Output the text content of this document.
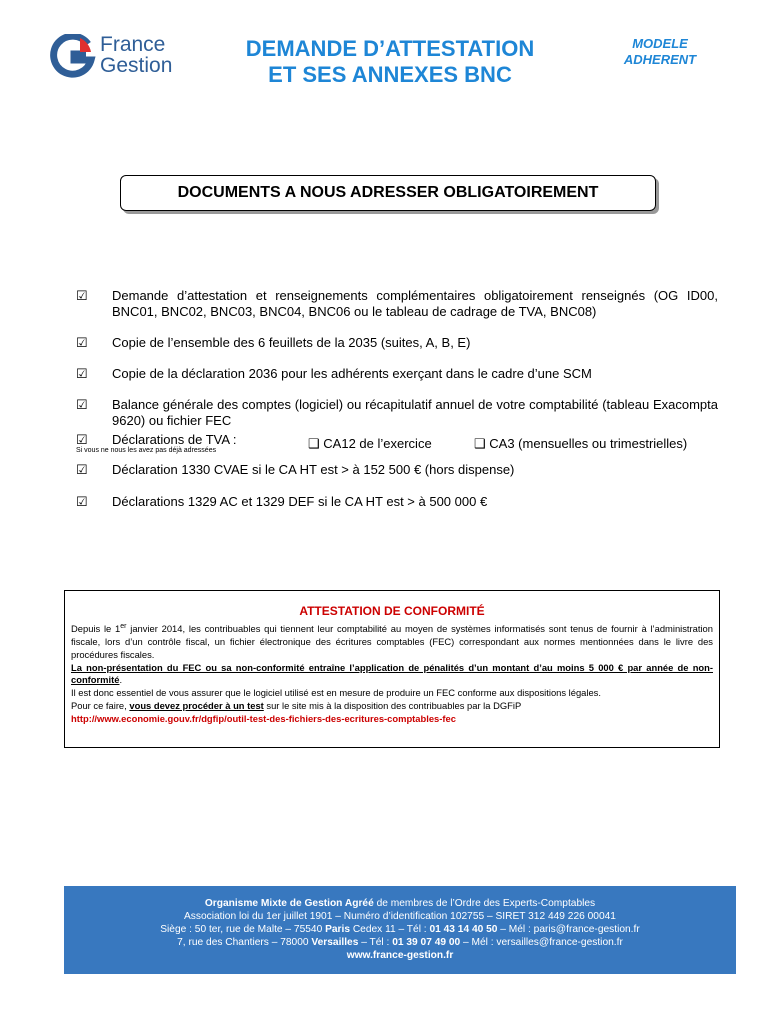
France
Gestion
DEMANDE D’ATTESTATION
ET SES ANNEXES BNC
MODELE
ADHERENT
DOCUMENTS A NOUS ADRESSER OBLIGATOIREMENT
☑ Demande d’attestation et renseignements complémentaires obligatoirement renseignés (OG ID00, BNC01, BNC02, BNC03, BNC04, BNC06 ou le tableau de cadrage de TVA, BNC08)
☑ Copie de l’ensemble des 6 feuillets de la 2035 (suites, A, B, E)
☑ Copie de la déclaration 2036 pour les adhérents exerçant dans le cadre d’une SCM
☑ Balance générale des comptes (logiciel) ou récapitulatif annuel de votre comptabilité (tableau Exacompta 9620) ou fichier FEC
☑ Déclarations de TVA :
Si vous ne nous les avez pas déjà adressées	❑ CA12 de l’exercice	❑ CA3 (mensuelles ou trimestrielles)
☑ Déclaration 1330 CVAE si le CA HT est > à 152 500 € (hors dispense)
☑ Déclarations 1329 AC et 1329 DEF si le CA HT est > à 500 000 €
ATTESTATION DE CONFORMITÉ

Depuis le 1er janvier 2014, les contribuables qui tiennent leur comptabilité au moyen de systèmes informatisés sont tenus de fournir à l’administration fiscale, lors d’un contrôle fiscal, un fichier électronique des écritures comptables (FEC) correspondant aux normes mentionnées dans le livre des procédures fiscales.

La non-présentation du FEC ou sa non-conformité entraîne l’application de pénalités d’un montant d’au moins 5 000 € par année de non-conformité.

Il est donc essentiel de vous assurer que le logiciel utilisé est en mesure de produire un FEC conforme aux dispositions légales.

Pour ce faire, vous devez procéder à un test sur le site mis à la disposition des contribuables par la DGFiP

http://www.economie.gouv.fr/dgfip/outil-test-des-fichiers-des-ecritures-comptables-fec

Organisme Mixte de Gestion Agréé de membres de l’Ordre des Experts-Comptables
Association loi du 1er juillet 1901 – Numéro d’identification 102755 – SIRET 312 449 226 00041
Siège : 50 ter, rue de Malte – 75540 Paris Cedex 11 – Tél : 01 43 14 40 50 – Mél : paris@france-gestion.fr
7, rue des Chantiers – 78000 Versailles – Tél : 01 39 07 49 00 – Mél : versailles@france-gestion.fr
www.france-gestion.fr
